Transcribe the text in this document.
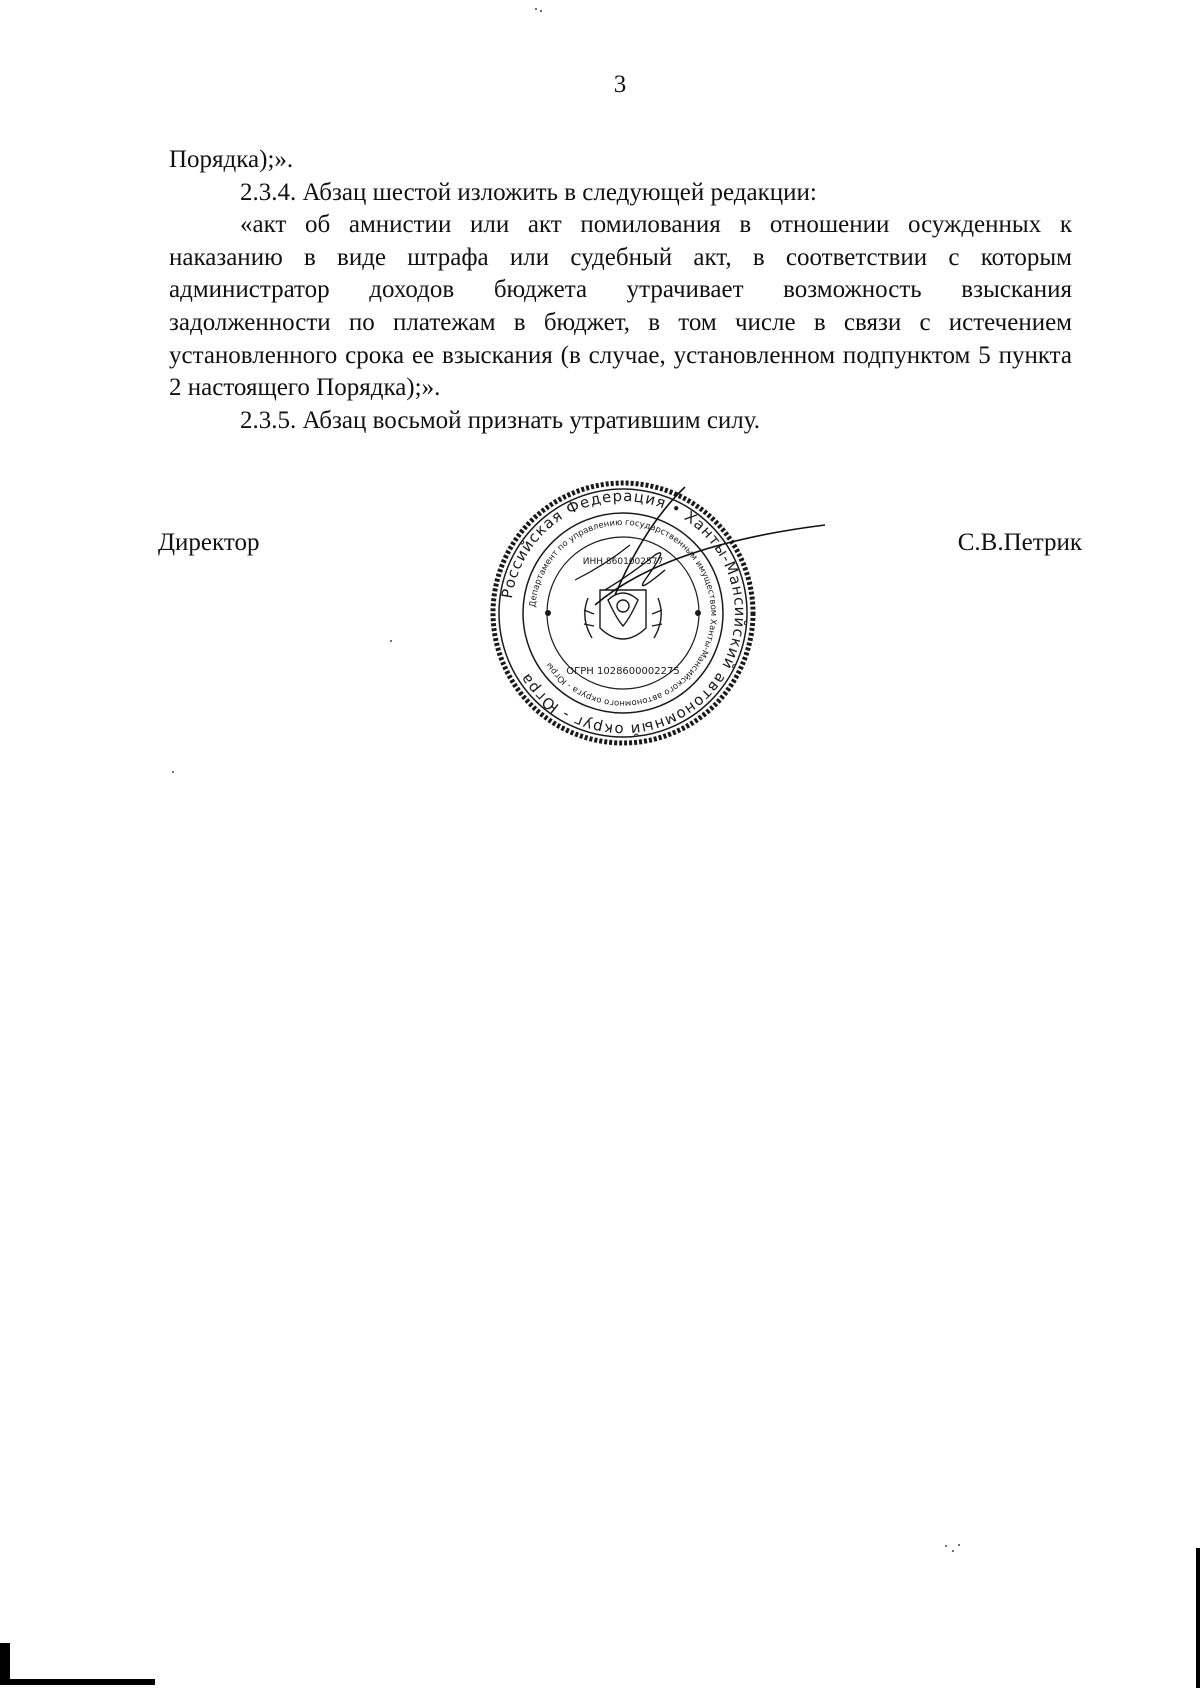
3

Порядка);».

2.3.4. Абзац шестой изложить в следующей редакции:

«акт об амнистии или акт помилования в отношении осужденных к наказанию в виде штрафа или судебный акт, в соответствии с которым администратор доходов бюджета утрачивает возможность взыскания задолженности по платежам в бюджет, в том числе в связи с истечением установленного срока ее взыскания (в случае, установленном подпунктом 5 пункта 2 настоящего Порядка);».

2.3.5. Абзац восьмой признать утратившим силу.

Директор	С.В.Петрик
Российская Федерация • Ханты-Мансийский автономный округ - Югра
Департамент по управлению государственным имуществом Ханты-Мансийского автономного округа - Югры	ОГРН 1028600002275
ИНН 8601002577
